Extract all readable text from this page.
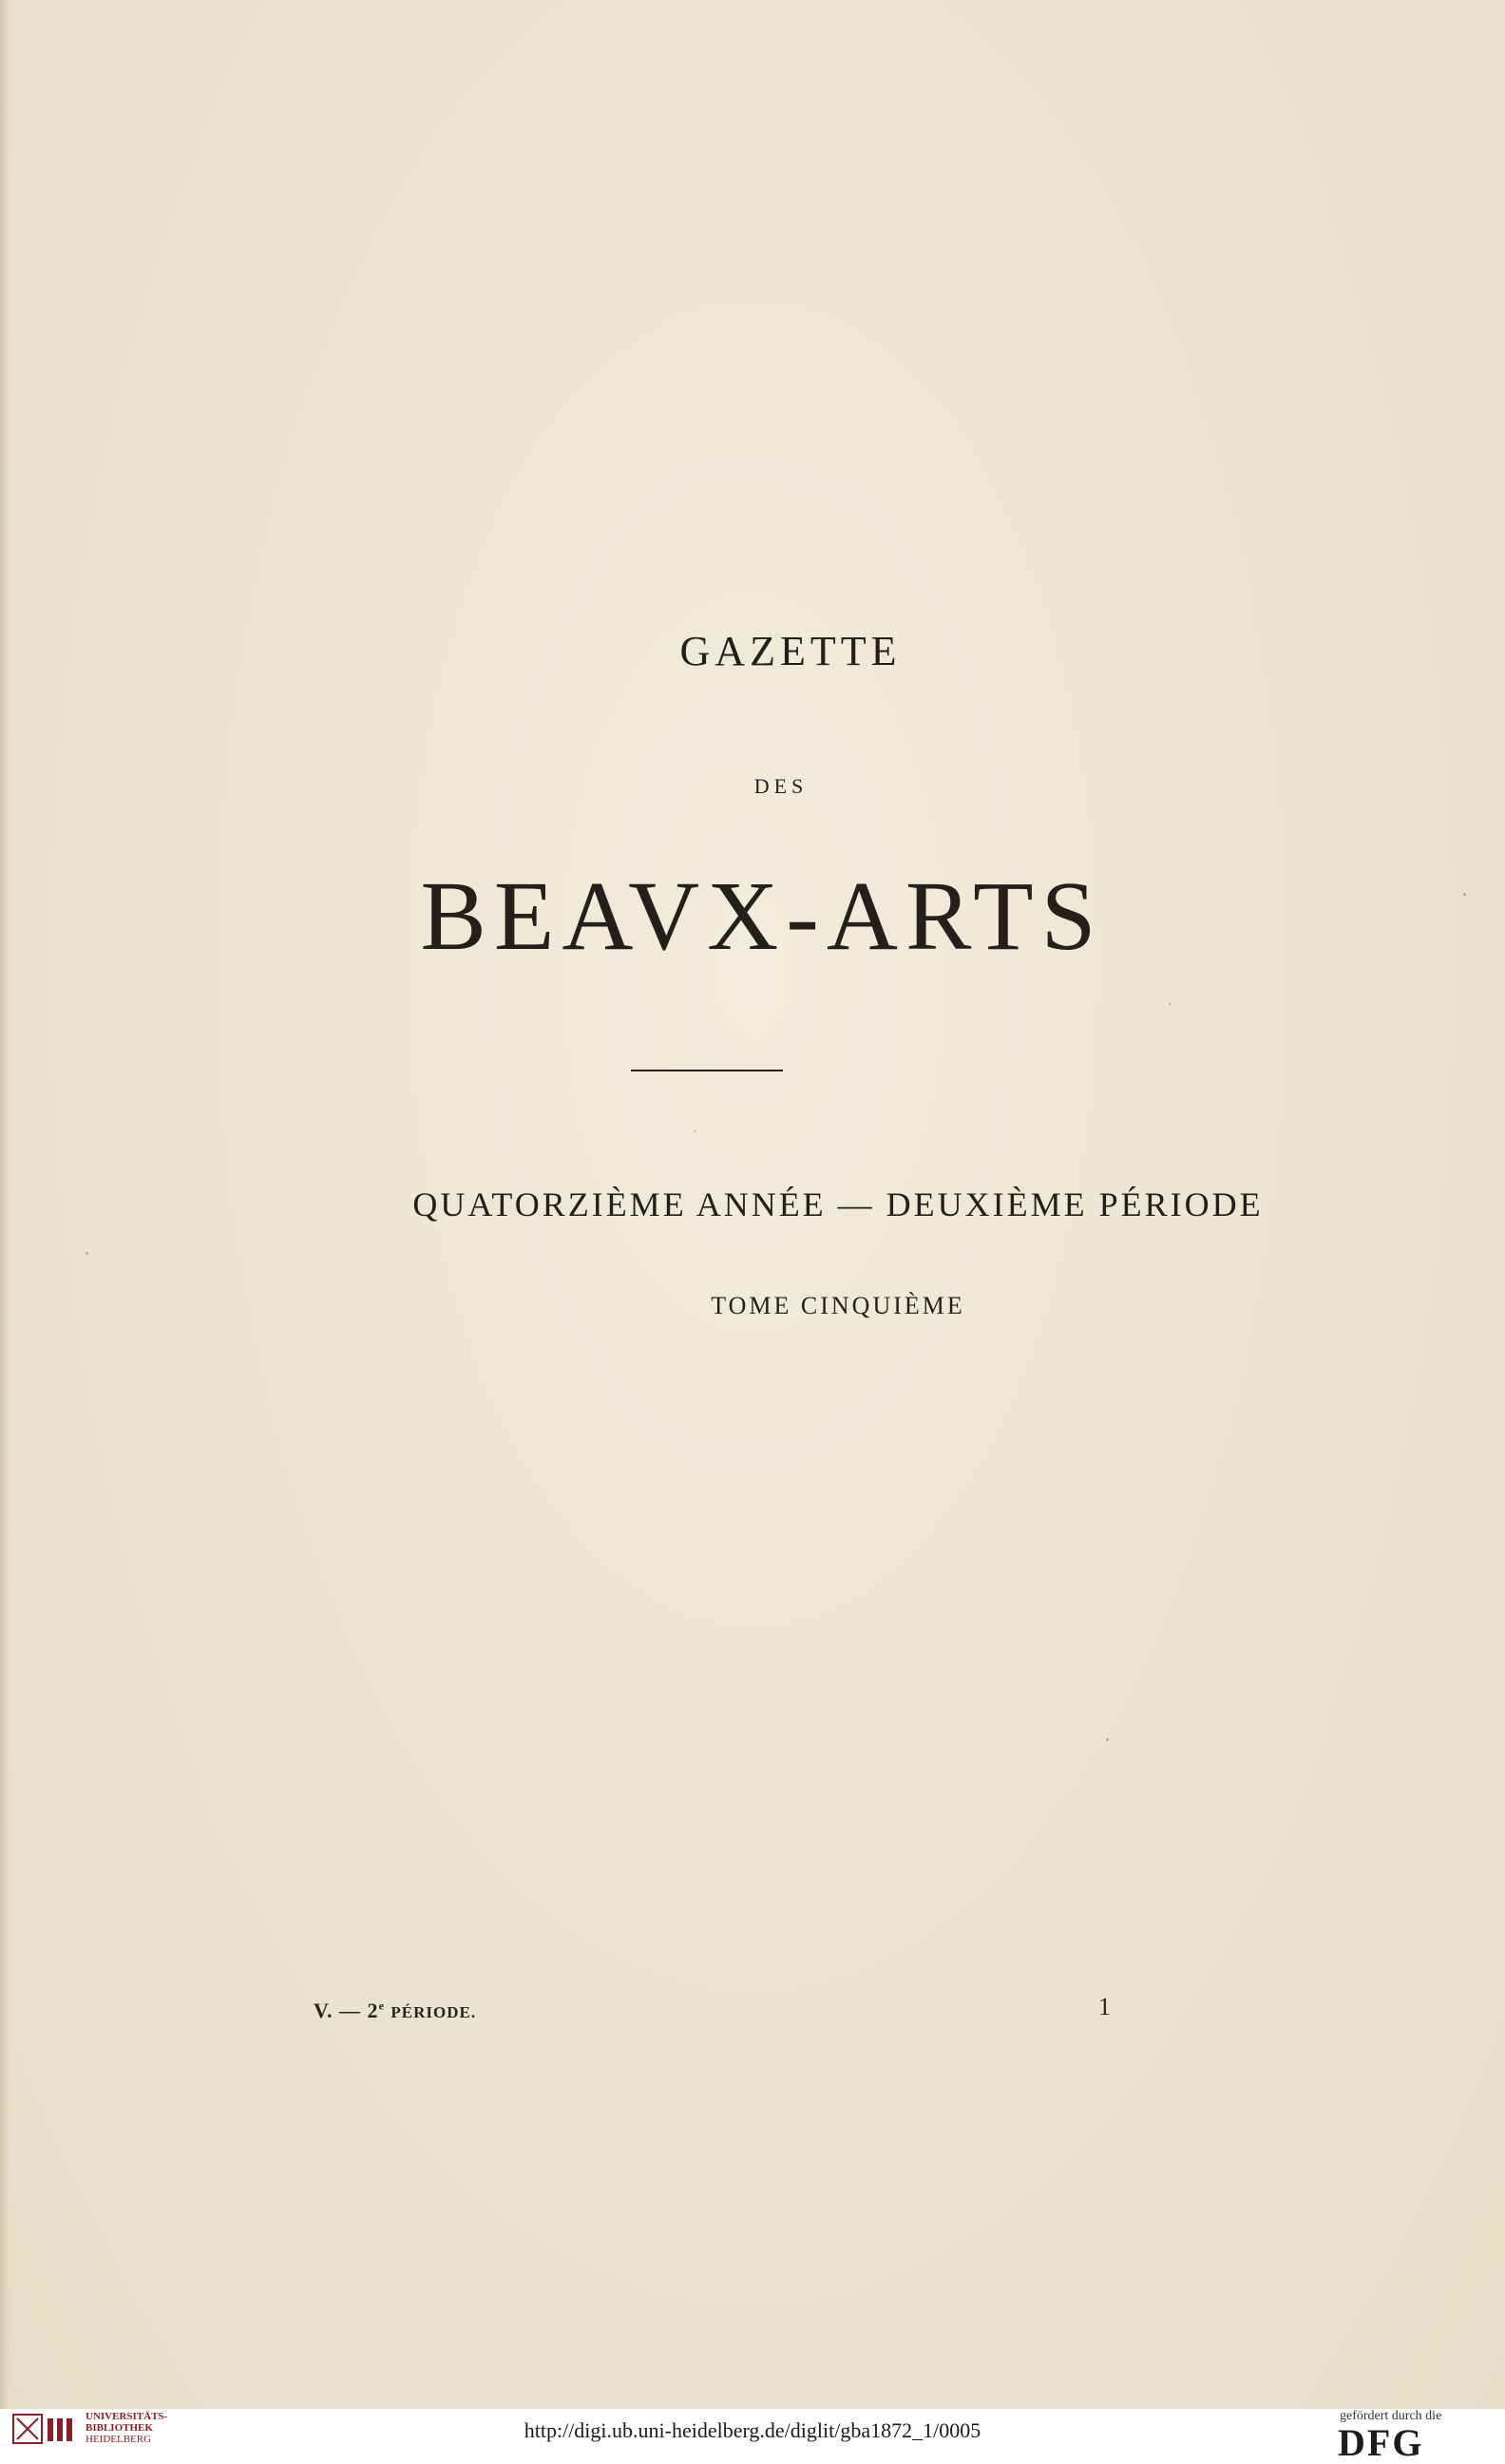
GAZETTE
DES
BEAVX-ARTS
QUATORZIÈME ANNÉE — DEUXIÈME PÉRIODE
TOME CINQUIÈME
V. — 2e PÉRIODE.	1
UNIVERSITÄTS-
BIBLIOTHEK
HEIDELBERG	http://digi.ub.uni-heidelberg.de/diglit/gba1872_1/0005
gefördert durch die
DFG
